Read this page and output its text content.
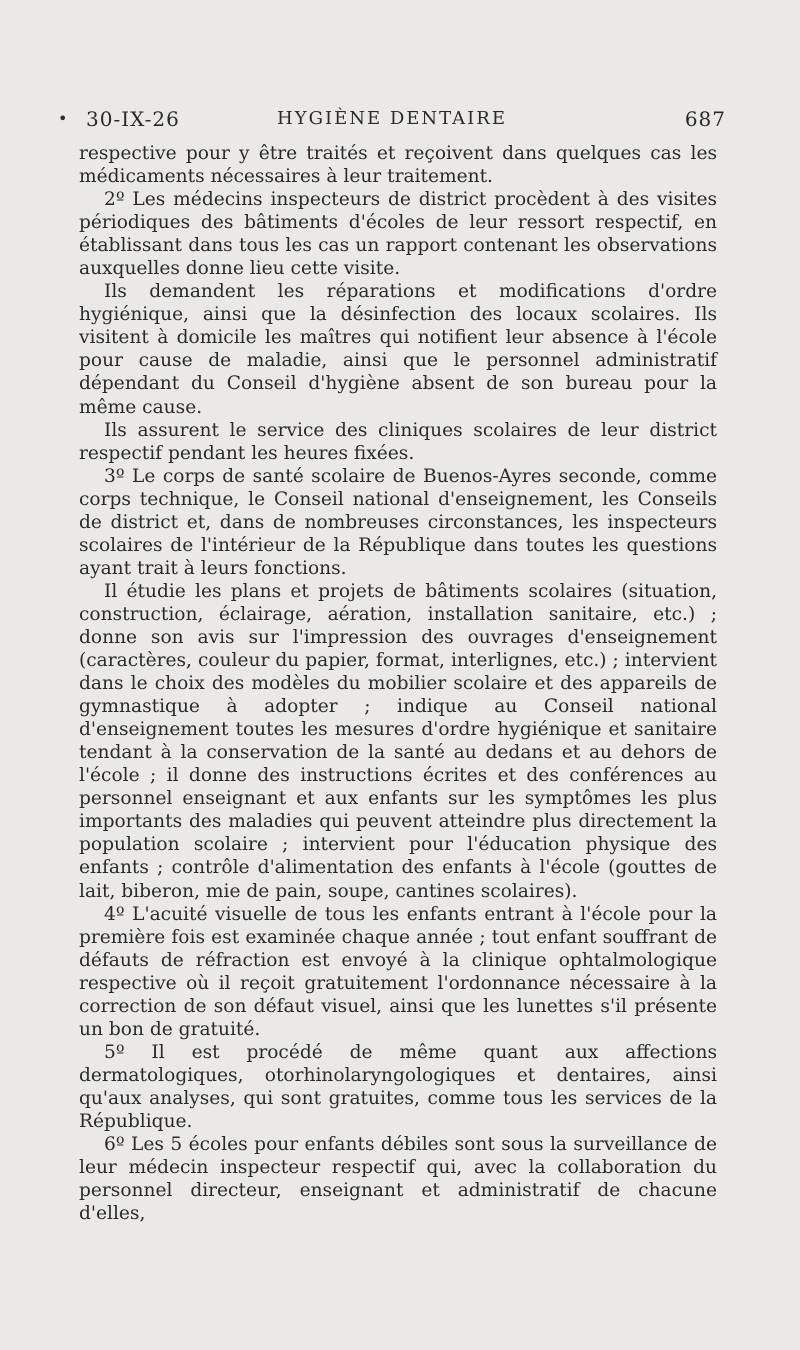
• 30-IX-26	HYGIÈNE DENTAIRE	687

respective pour y être traités et reçoivent dans quelques cas les médicaments nécessaires à leur traitement.

2º Les médecins inspecteurs de district procèdent à des visites périodiques des bâtiments d'écoles de leur ressort respectif, en établissant dans tous les cas un rapport contenant les observations auxquelles donne lieu cette visite.

Ils demandent les réparations et modifications d'ordre hygiénique, ainsi que la désinfection des locaux scolaires. Ils visitent à domicile les maîtres qui notifient leur absence à l'école pour cause de maladie, ainsi que le personnel administratif dépendant du Conseil d'hygiène absent de son bureau pour la même cause.

Ils assurent le service des cliniques scolaires de leur district respectif pendant les heures fixées.

3º Le corps de santé scolaire de Buenos-Ayres seconde, comme corps technique, le Conseil national d'enseignement, les Conseils de district et, dans de nombreuses circonstances, les inspecteurs scolaires de l'intérieur de la République dans toutes les questions ayant trait à leurs fonctions.

Il étudie les plans et projets de bâtiments scolaires (situation, construction, éclairage, aération, installation sanitaire, etc.) ; donne son avis sur l'impression des ouvrages d'enseignement (caractères, couleur du papier, format, interlignes, etc.) ; intervient dans le choix des modèles du mobilier scolaire et des appareils de gymnastique à adopter ; indique au Conseil national d'enseignement toutes les mesures d'ordre hygiénique et sanitaire tendant à la conservation de la santé au dedans et au dehors de l'école ; il donne des instructions écrites et des conférences au personnel enseignant et aux enfants sur les symptômes les plus importants des maladies qui peuvent atteindre plus directement la population scolaire ; intervient pour l'éducation physique des enfants ; contrôle d'alimentation des enfants à l'école (gouttes de lait, biberon, mie de pain, soupe, cantines scolaires).

4º L'acuité visuelle de tous les enfants entrant à l'école pour la première fois est examinée chaque année ; tout enfant souffrant de défauts de réfraction est envoyé à la clinique ophtalmologique respective où il reçoit gratuitement l'ordonnance nécessaire à la correction de son défaut visuel, ainsi que les lunettes s'il présente un bon de gratuité.

5º Il est procédé de même quant aux affections dermatologiques, otorhinolaryngologiques et dentaires, ainsi qu'aux analyses, qui sont gratuites, comme tous les services de la République.

6º Les 5 écoles pour enfants débiles sont sous la surveillance de leur médecin inspecteur respectif qui, avec la collaboration du personnel directeur, enseignant et administratif de chacune d'elles,
